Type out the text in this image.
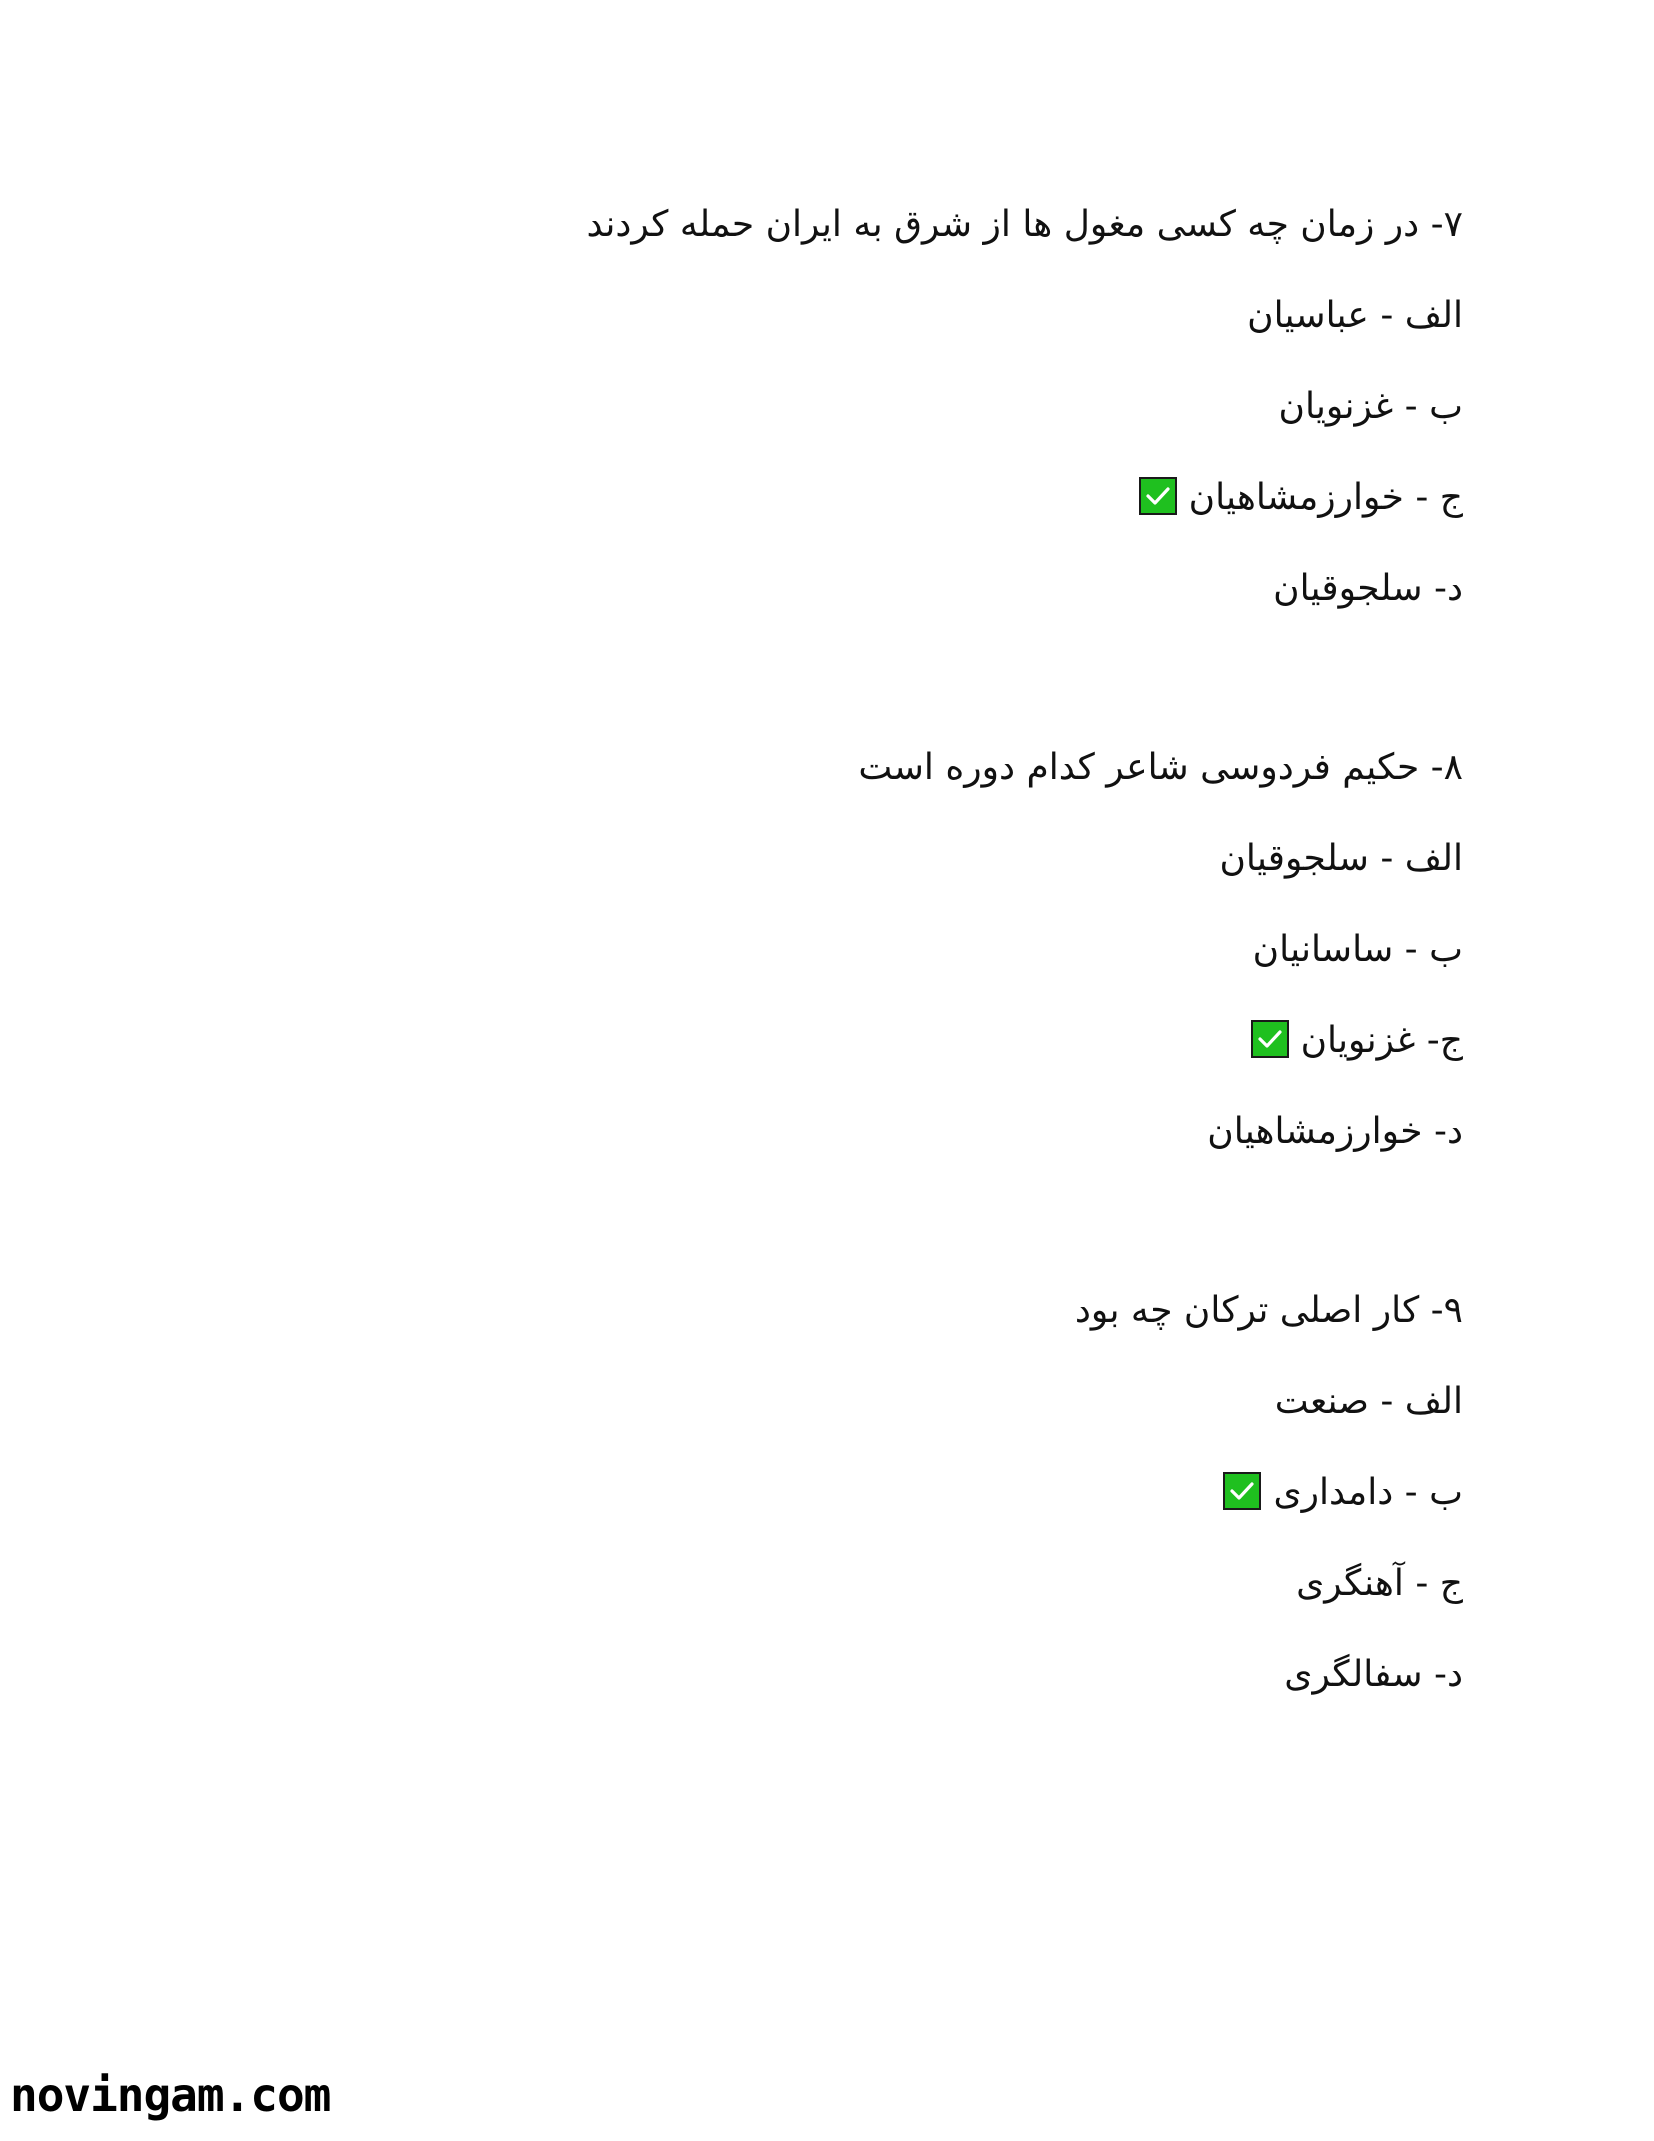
۷- در زمان چه کسی مغول ها از شرق به ایران حمله کردند
الف - عباسیان
ب - غزنویان
ج - خوارزمشاهیان
د- سلجوقیان
۸- حکیم فردوسی شاعر کدام دوره است
الف - سلجوقیان
ب - ساسانیان
ج- غزنویان
د- خوارزمشاهیان
۹- کار اصلی ترکان چه بود
الف - صنعت
ب - دامداری
ج - آهنگری
د- سفالگری
novingam.com
